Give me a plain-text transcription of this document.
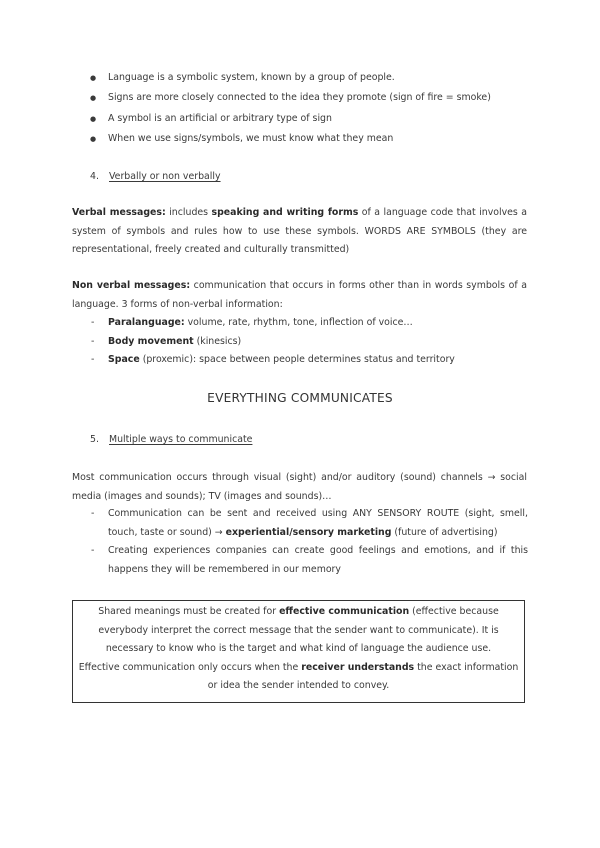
● Language is a symbolic system, known by a group of people.
● Signs are more closely connected to the idea they promote (sign of fire = smoke)
● A symbol is an artificial or arbitrary type of sign
● When we use signs/symbols, we must know what they mean
4. Verbally or non verbally
Verbal messages: includes speaking and writing forms of a language code that involves a system of symbols and rules how to use these symbols. WORDS ARE SYMBOLS (they are representational, freely created and culturally transmitted)
Non verbal messages: communication that occurs in forms other than in words symbols of a language. 3 forms of non-verbal information:
- Paralanguage: volume, rate, rhythm, tone, inflection of voice…
- Body movement (kinesics)
- Space (proxemic): space between people determines status and territory
EVERYTHING COMMUNICATES
5. Multiple ways to communicate
Most communication occurs through visual (sight) and/or auditory (sound) channels → social media (images and sounds); TV (images and sounds)…
- Communication can be sent and received using ANY SENSORY ROUTE (sight, smell, touch, taste or sound) → experiential/sensory marketing (future of advertising)
- Creating experiences companies can create good feelings and emotions, and if this happens they will be remembered in our memory
Shared meanings must be created for effective communication (effective because everybody interpret the correct message that the sender want to communicate). It is necessary to know who is the target and what kind of language the audience use.
Effective communication only occurs when the receiver understands the exact information or idea the sender intended to convey.
